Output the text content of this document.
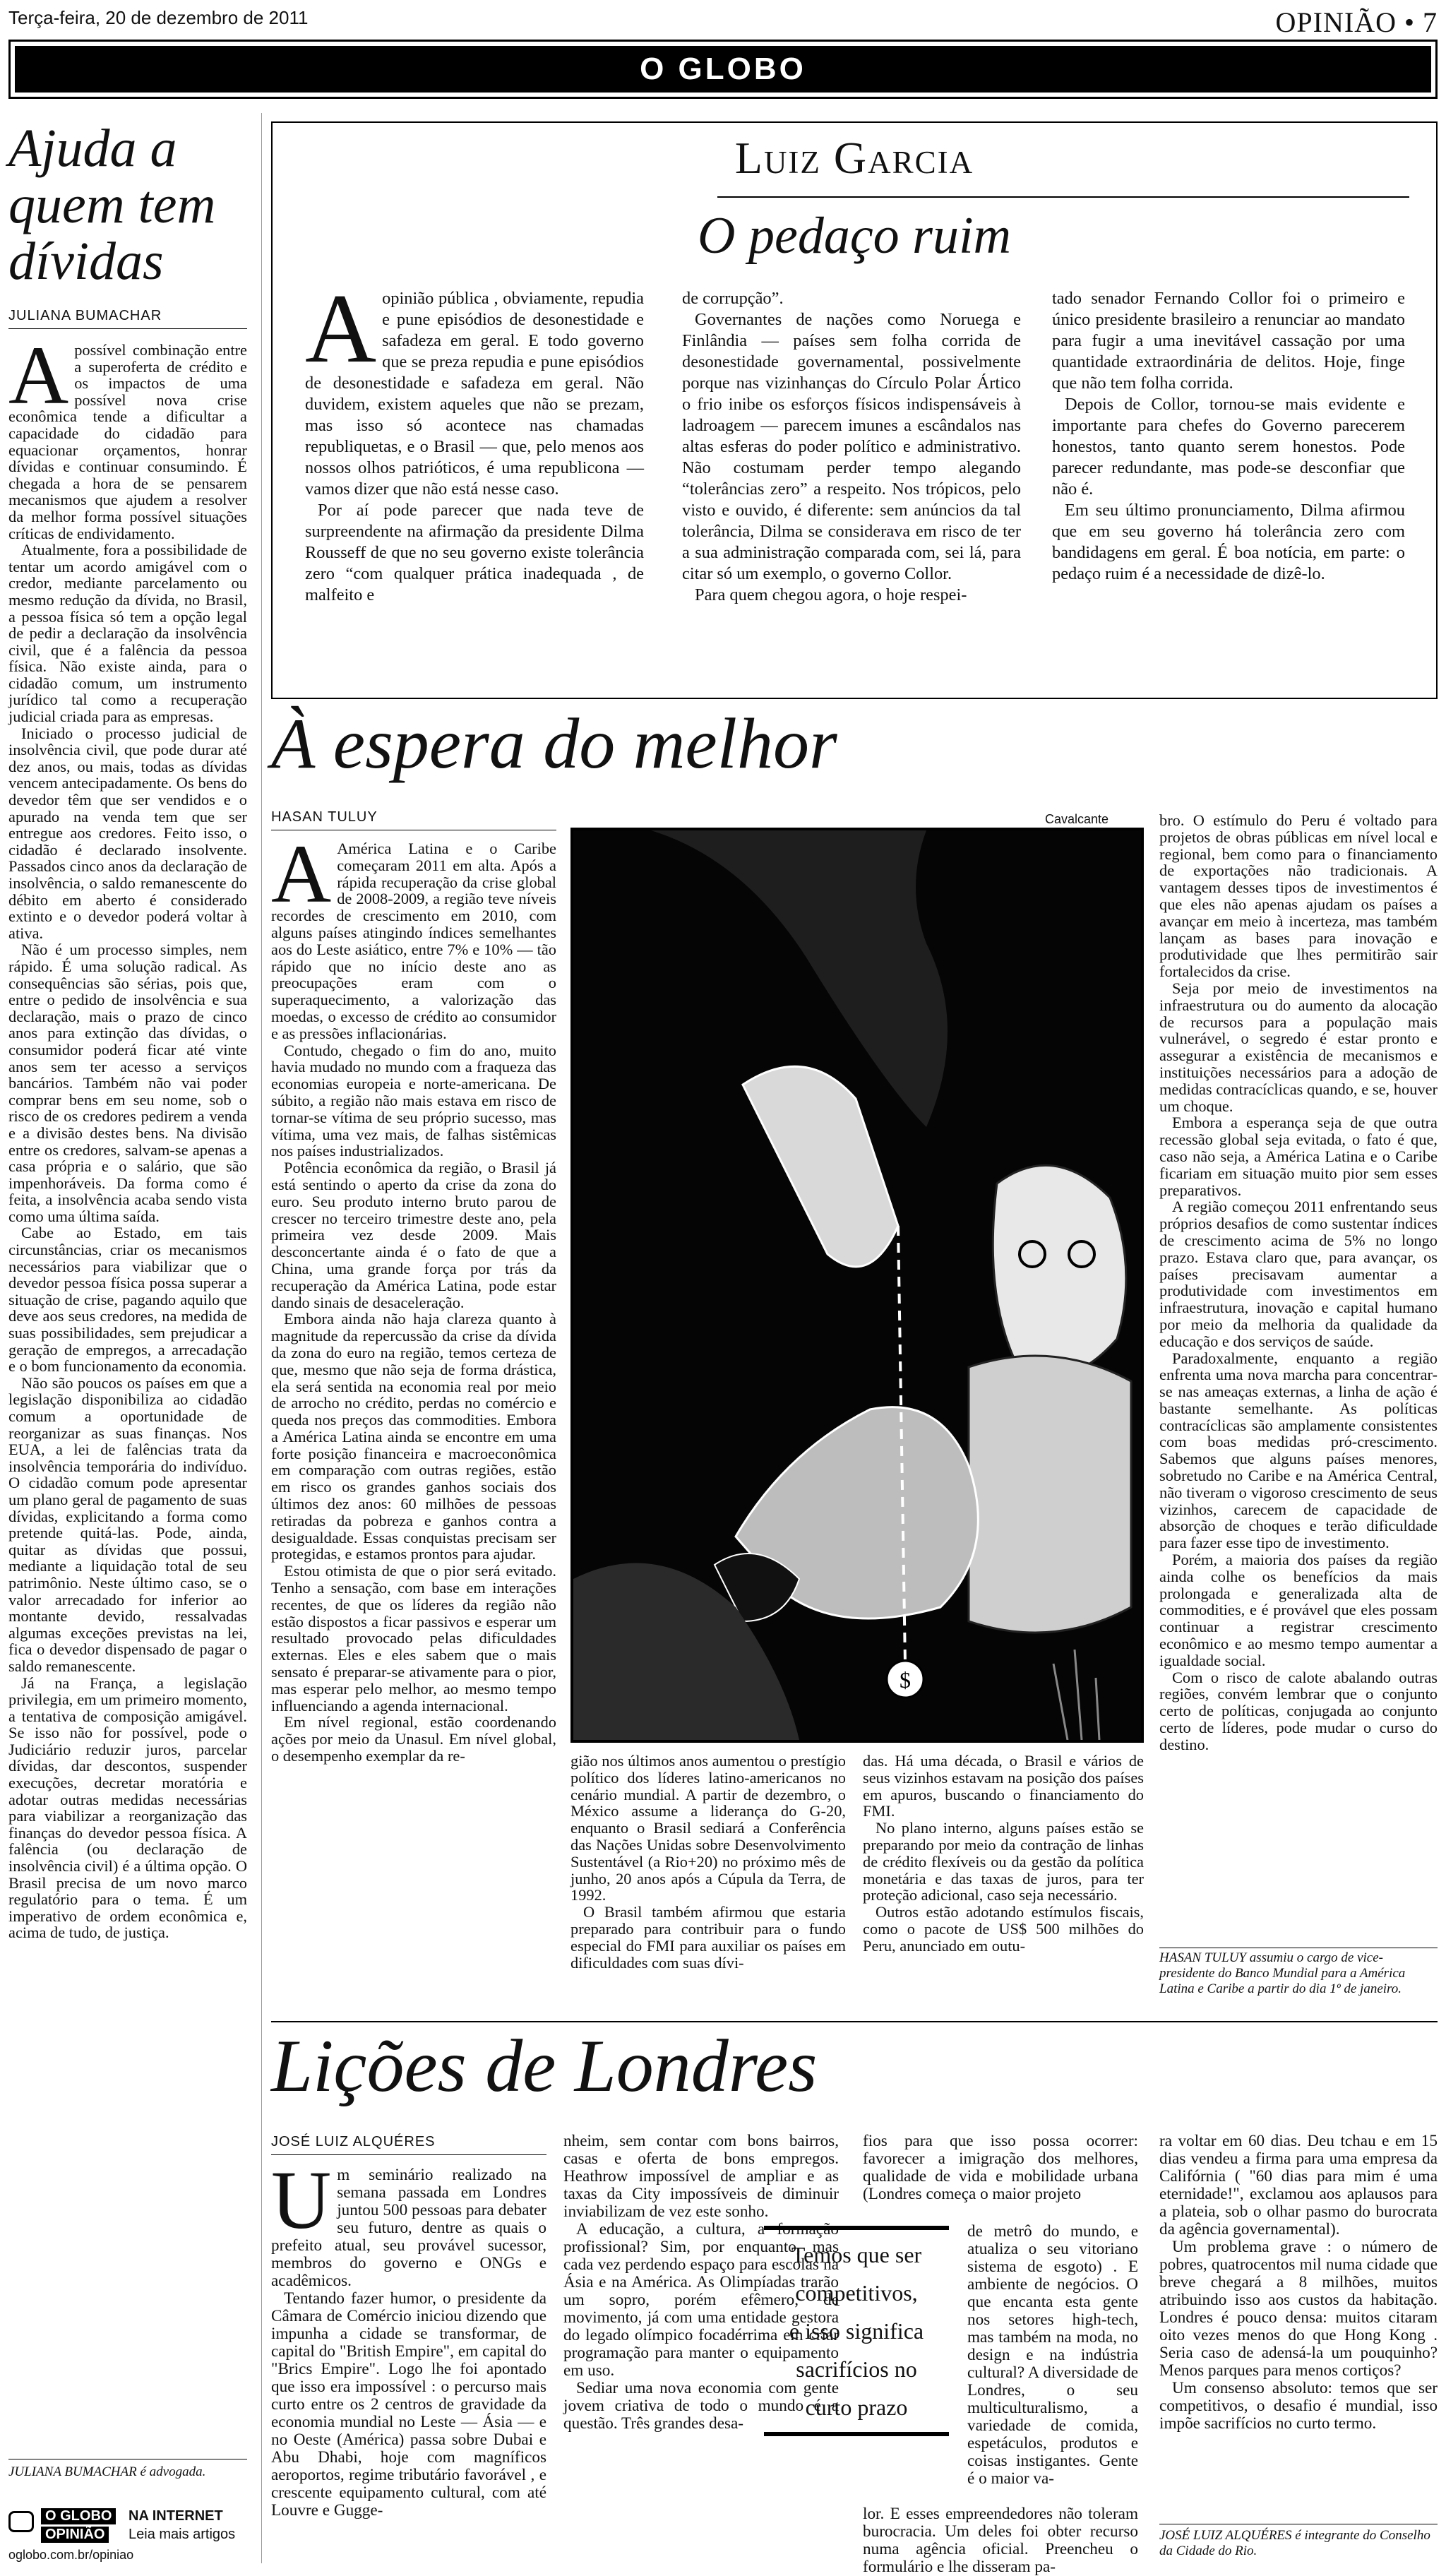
Terça-feira, 20 de dezembro de 2011	OPINIÃO • 7
O GLOBO
Ajuda a
quem tem
dívidas
JULIANA BUMACHAR

Apossível combinação entre a superoferta de crédito e os impactos de uma possível nova crise econômica tende a dificultar a capacidade do cidadão para equacionar orçamentos, honrar dívidas e continuar consumindo. É chegada a hora de se pensarem mecanismos que ajudem a resolver da melhor forma possível situações críticas de endividamento.

Atualmente, fora a possibilidade de tentar um acordo amigável com o credor, mediante parcelamento ou mesmo redução da dívida, no Brasil, a pessoa física só tem a opção legal de pedir a declaração da insolvência civil, que é a falência da pessoa física. Não existe ainda, para o cidadão comum, um instrumento jurídico tal como a recuperação judicial criada para as empresas.

Iniciado o processo judicial de insolvência civil, que pode durar até dez anos, ou mais, todas as dívidas vencem antecipadamente. Os bens do devedor têm que ser vendidos e o apurado na venda tem que ser entregue aos credores. Feito isso, o cidadão é declarado insolvente. Passados cinco anos da declaração de insolvência, o saldo remanescente do débito em aberto é considerado extinto e o devedor poderá voltar à ativa.

Não é um processo simples, nem rápido. É uma solução radical. As consequências são sérias, pois que, entre o pedido de insolvência e sua declaração, mais o prazo de cinco anos para extinção das dívidas, o consumidor poderá ficar até vinte anos sem ter acesso a serviços bancários. Também não vai poder comprar bens em seu nome, sob o risco de os credores pedirem a venda e a divisão destes bens. Na divisão entre os credores, salvam-se apenas a casa própria e o salário, que são impenhoráveis. Da forma como é feita, a insolvência acaba sendo vista como uma última saída.

Cabe ao Estado, em tais circunstâncias, criar os mecanismos necessários para viabilizar que o devedor pessoa física possa superar a situação de crise, pagando aquilo que deve aos seus credores, na medida de suas possibilidades, sem prejudicar a geração de empregos, a arrecadação e o bom funcionamento da economia.

Não são poucos os países em que a legislação disponibiliza ao cidadão comum a oportunidade de reorganizar as suas finanças. Nos EUA, a lei de falências trata da insolvência temporária do indivíduo. O cidadão comum pode apresentar um plano geral de pagamento de suas dívidas, explicitando a forma como pretende quitá-las. Pode, ainda, quitar as dívidas que possui, mediante a liquidação total de seu patrimônio. Neste último caso, se o valor arrecadado for inferior ao montante devido, ressalvadas algumas exceções previstas na lei, fica o devedor dispensado de pagar o saldo remanescente.

Já na França, a legislação privilegia, em um primeiro momento, a tentativa de composição amigável. Se isso não for possível, pode o Judiciário reduzir juros, parcelar dívidas, dar descontos, suspender execuções, decretar moratória e adotar outras medidas necessárias para viabilizar a reorganização das finanças do devedor pessoa física. A falência (ou declaração de insolvência civil) é a última opção. O Brasil precisa de um novo marco regulatório para o tema. É um imperativo de ordem econômica e, acima de tudo, de justiça.

JULIANA BUMACHAR é advogada.
O GLOBO
OPINIÃO
NA INTERNET
Leia mais artigos
oglobo.com.br/opiniao
Luiz Garcia
O pedaço ruim

Aopinião pública , obviamente, repudia e pune episódios de desonestidade e safadeza em geral. E todo governo que se preza repudia e pune episódios de desonestidade e safadeza em geral. Não duvidem, existem aqueles que não se prezam, mas isso só acontece nas chamadas republiquetas, e o Brasil — que, pelo menos aos nossos olhos patrióticos, é uma republicona — vamos dizer que não está nesse caso.

Por aí pode parecer que nada teve de surpreendente na afirmação da presidente Dilma Rousseff de que no seu governo existe tolerância zero “com qualquer prática inadequada , de malfeito e

de corrupção”.

Governantes de nações como Noruega e Finlândia — países sem folha corrida de desonestidade governamental, possivelmente porque nas vizinhanças do Círculo Polar Ártico o frio inibe os esforços físicos indispensáveis à ladroagem — parecem imunes a escândalos nas altas esferas do poder político e administrativo. Não costumam perder tempo alegando “tolerâncias zero” a respeito. Nos trópicos, pelo visto e ouvido, é diferente: sem anúncios da tal tolerância, Dilma se considerava em risco de ter a sua administração comparada com, sei lá, para citar só um exemplo, o governo Collor.

Para quem chegou agora, o hoje respei-

tado senador Fernando Collor foi o primeiro e único presidente brasileiro a renunciar ao mandato para fugir a uma inevitável cassação por uma quantidade extraordinária de delitos. Hoje, finge que não tem folha corrida.

Depois de Collor, tornou-se mais evidente e importante para chefes do Governo parecerem honestos, tanto quanto serem honestos. Pode parecer redundante, mas pode-se desconfiar que não é.

Em seu último pronunciamento, Dilma afirmou que em seu governo há tolerância zero com bandidagens em geral. É boa notícia, em parte: o pedaço ruim é a necessidade de dizê-lo.

À espera do melhor
HASAN TULUY

A América Latina e o Caribe começaram 2011 em alta. Após a rápida recuperação da crise global de 2008-2009, a região teve níveis recordes de crescimento em 2010, com alguns países atingindo índices semelhantes aos do Leste asiático, entre 7% e 10% — tão rápido que no início deste ano as preocupações eram com o superaquecimento, a valorização das moedas, o excesso de crédito ao consumidor e as pressões inflacionárias.

Contudo, chegado o fim do ano, muito havia mudado no mundo com a fraqueza das economias europeia e norte-americana. De súbito, a região não mais estava em risco de tornar-se vítima de seu próprio sucesso, mas vítima, uma vez mais, de falhas sistêmicas nos países industrializados.

Potência econômica da região, o Brasil já está sentindo o aperto da crise da zona do euro. Seu produto interno bruto parou de crescer no terceiro trimestre deste ano, pela primeira vez desde 2009. Mais desconcertante ainda é o fato de que a China, uma grande força por trás da recuperação da América Latina, pode estar dando sinais de desaceleração.

Embora ainda não haja clareza quanto à magnitude da repercussão da crise da dívida da zona do euro na região, temos certeza de que, mesmo que não seja de forma drástica, ela será sentida na economia real por meio de arrocho no crédito, perdas no comércio e queda nos preços das commodities. Embora a América Latina ainda se encontre em uma forte posição financeira e macroeconômica em comparação com outras regiões, estão em risco os grandes ganhos sociais dos últimos dez anos: 60 milhões de pessoas retiradas da pobreza e ganhos contra a desigualdade. Essas conquistas precisam ser protegidas, e estamos prontos para ajudar.

Estou otimista de que o pior será evitado. Tenho a sensação, com base em interações recentes, de que os líderes da região não estão dispostos a ficar passivos e esperar um resultado provocado pelas dificuldades externas. Eles e eles sabem que o mais sensato é preparar-se ativamente para o pior, mas esperar pelo melhor, ao mesmo tempo influenciando a agenda internacional.

Em nível regional, estão coordenando ações por meio da Unasul. Em nível global, o desempenho exemplar da re-

Cavalcante
$

gião nos últimos anos aumentou o prestígio político dos líderes latino-americanos no cenário mundial. A partir de dezembro, o México assume a liderança do G-20, enquanto o Brasil sediará a Conferência das Nações Unidas sobre Desenvolvimento Sustentável (a Rio+20) no próximo mês de junho, 20 anos após a Cúpula da Terra, de 1992.

O Brasil também afirmou que estaria preparado para contribuir para o fundo especial do FMI para auxiliar os países em dificuldades com suas dívi-

das. Há uma década, o Brasil e vários de seus vizinhos estavam na posição dos países em apuros, buscando o financiamento do FMI.

No plano interno, alguns países estão se preparando por meio da contração de linhas de crédito flexíveis ou da gestão da política monetária e das taxas de juros, para ter proteção adicional, caso seja necessário.

Outros estão adotando estímulos fiscais, como o pacote de US$ 500 milhões do Peru, anunciado em outu-

bro. O estímulo do Peru é voltado para projetos de obras públicas em nível local e regional, bem como para o financiamento de exportações não tradicionais. A vantagem desses tipos de investimentos é que eles não apenas ajudam os países a avançar em meio à incerteza, mas também lançam as bases para inovação e produtividade que lhes permitirão sair fortalecidos da crise.

Seja por meio de investimentos na infraestrutura ou do aumento da alocação de recursos para a população mais vulnerável, o segredo é estar pronto e assegurar a existência de mecanismos e instituições necessários para a adoção de medidas contracíclicas quando, e se, houver um choque.

Embora a esperança seja de que outra recessão global seja evitada, o fato é que, caso não seja, a América Latina e o Caribe ficariam em situação muito pior sem esses preparativos.

A região começou 2011 enfrentando seus próprios desafios de como sustentar índices de crescimento acima de 5% no longo prazo. Estava claro que, para avançar, os países precisavam aumentar a produtividade com investimentos em infraestrutura, inovação e capital humano por meio da melhoria da qualidade da educação e dos serviços de saúde.

Paradoxalmente, enquanto a região enfrenta uma nova marcha para concentrar-se nas ameaças externas, a linha de ação é bastante semelhante. As políticas contracíclicas são amplamente consistentes com boas medidas pró-crescimento. Sabemos que alguns países menores, sobretudo no Caribe e na América Central, não tiveram o vigoroso crescimento de seus vizinhos, carecem de capacidade de absorção de choques e terão dificuldade para fazer esse tipo de investimento.

Porém, a maioria dos países da região ainda colhe os benefícios da mais prolongada e generalizada alta de commodities, e é provável que eles possam continuar a registrar crescimento econômico e ao mesmo tempo aumentar a igualdade social.

Com o risco de calote abalando outras regiões, convém lembrar que o conjunto certo de políticas, conjugada ao conjunto certo de líderes, pode mudar o curso do destino.

HASAN TULUY assumiu o cargo de vice-presidente do Banco Mundial para a América Latina e Caribe a partir do dia 1º de janeiro.
Lições de Londres
JOSÉ LUIZ ALQUÉRES

Um seminário realizado na semana passada em Londres juntou 500 pessoas para debater seu futuro, dentre as quais o prefeito atual, seu provável sucessor, membros do governo e ONGs e acadêmicos.

Tentando fazer humor, o presidente da Câmara de Comércio iniciou dizendo que impunha a cidade se transformar, de capital do "British Empire", em capital do "Brics Empire". Logo lhe foi apontado que isso era impossível : o percurso mais curto entre os 2 centros de gravidade da economia mundial no Leste — Ásia — e no Oeste (América) passa sobre Dubai e Abu Dhabi, hoje com magníficos aeroportos, regime tributário favorável , e crescente equipamento cultural, com até Louvre e Gugge-

nheim, sem contar com bons bairros, casas e oferta de bons empregos. Heathrow impossível de ampliar e as taxas da City impossíveis de diminuir inviabilizam de vez este sonho.

A educação, a cultura, a formação profissional? Sim, por enquanto, mas cada vez perdendo espaço para escolas na Ásia e na América. As Olimpíadas trarão um sopro, porém efêmero, de movimento, já com uma entidade gestora do legado olímpico focadérrima em criar programação para manter o equipamento em uso.

Sediar uma nova economia com gente jovem criativa de todo o mundo é a questão. Três grandes desa-

fios para que isso possa ocorrer: favorecer a imigração dos melhores, qualidade de vida e mobilidade urbana (Londres começa o maior projeto

Temos que ser
competitivos,
e isso significa
sacrifícios no
curto prazo

de metrô do mundo, e atualiza o seu vitoriano sistema de esgoto) . E ambiente de negócios. O que encanta esta gente nos setores high-tech, mas também na moda, no design e na indústria cultural? A diversidade de Londres, o seu multiculturalismo, a variedade de comida, espetáculos, produtos e coisas instigantes. Gente é o maior va-

lor. E esses empreendedores não toleram burocracia. Um deles foi obter recurso numa agência oficial. Preencheu o formulário e lhe disseram pa-

ra voltar em 60 dias. Deu tchau e em 15 dias vendeu a firma para uma empresa da Califórnia ( "60 dias para mim é uma eternidade!", exclamou aos aplausos para a plateia, sob o olhar pasmo do burocrata da agência governamental).

Um problema grave : o número de pobres, quatrocentos mil numa cidade que breve chegará a 8 milhões, muitos atribuindo isso aos custos da habitação. Londres é pouco densa: muitos citaram oito vezes menos do que Hong Kong . Seria caso de adensá-la um pouquinho? Menos parques para menos cortiços?

Um consenso absoluto: temos que ser competitivos, o desafio é mundial, isso impõe sacrifícios no curto termo.

JOSÉ LUIZ ALQUÉRES é integrante do Conselho da Cidade do Rio.
